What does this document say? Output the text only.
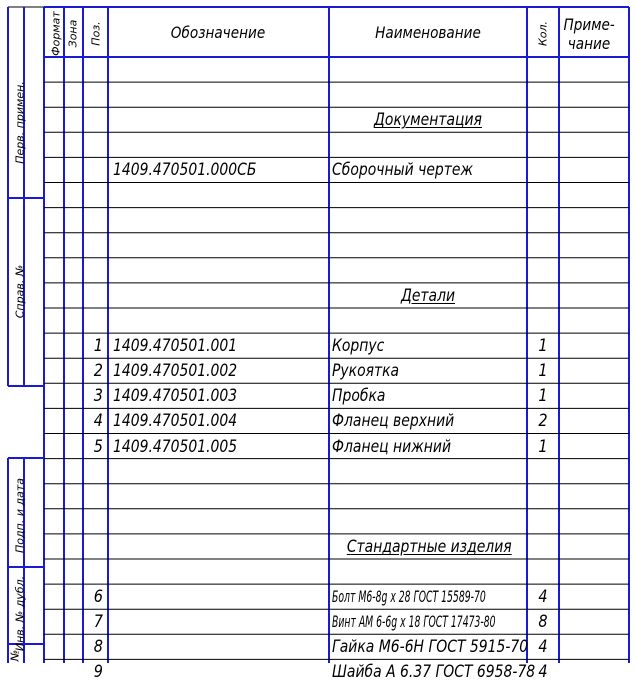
Формат Зона Поз.	Обозначение	Наименование	Кол. Приме-
чание
Перв. примен.
Справ. №
Подп. и дата
Инв. № дубл.
№
Документация
1409.470501.000СБ	Сборочный чертеж
Детали
1 1409.470501.001	Корпус	1
2 1409.470501.002	Рукоятка	1
3 1409.470501.003	Пробка	1
4 1409.470501.004	Фланец верхний	2
5 1409.470501.005	Фланец нижний	1
Стандартные изделия
6	Болт М6-8g x 28 ГОСТ 15589-70	4
7	Винт АМ 6-6g x 18 ГОСТ 17473-80	8
8	Гайка М6-6Н ГОСТ 5915-70 4
9	Шайба А 6.37 ГОСТ 6958-78 4
